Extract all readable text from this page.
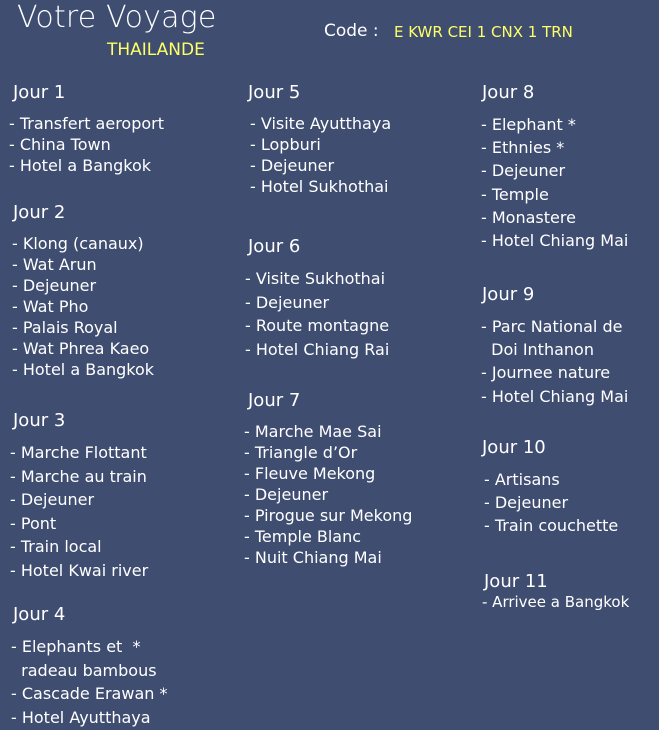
Votre Voyage
THAILANDE
Code : E KWR CEI 1 CNX 1 TRN
Jour 1
- Transfert aeroport
- China Town
- Hotel a Bangkok
Jour 2
- Klong (canaux)
- Wat Arun
- Dejeuner
- Wat Pho
- Palais Royal
- Wat Phrea Kaeo
- Hotel a Bangkok
Jour 3
- Marche Flottant
- Marche au train
- Dejeuner
- Pont
- Train local
- Hotel Kwai river
Jour 4
- Elephants et  *
radeau bambous
- Cascade Erawan *
- Hotel Ayutthaya
Jour 5
- Visite Ayutthaya
- Lopburi
- Dejeuner
- Hotel Sukhothai
Jour 6
- Visite Sukhothai
- Dejeuner
- Route montagne
- Hotel Chiang Rai
Jour 7
- Marche Mae Sai
- Triangle d’Or
- Fleuve Mekong
- Dejeuner
- Pirogue sur Mekong
- Temple Blanc
- Nuit Chiang Mai
Jour 8
- Elephant *
- Ethnies *
- Dejeuner
- Temple
- Monastere
- Hotel Chiang Mai
Jour 9
- Parc National de
Doi Inthanon
- Journee nature
- Hotel Chiang Mai
Jour 10
- Artisans
- Dejeuner
- Train couchette
Jour 11
- Arrivee a Bangkok
